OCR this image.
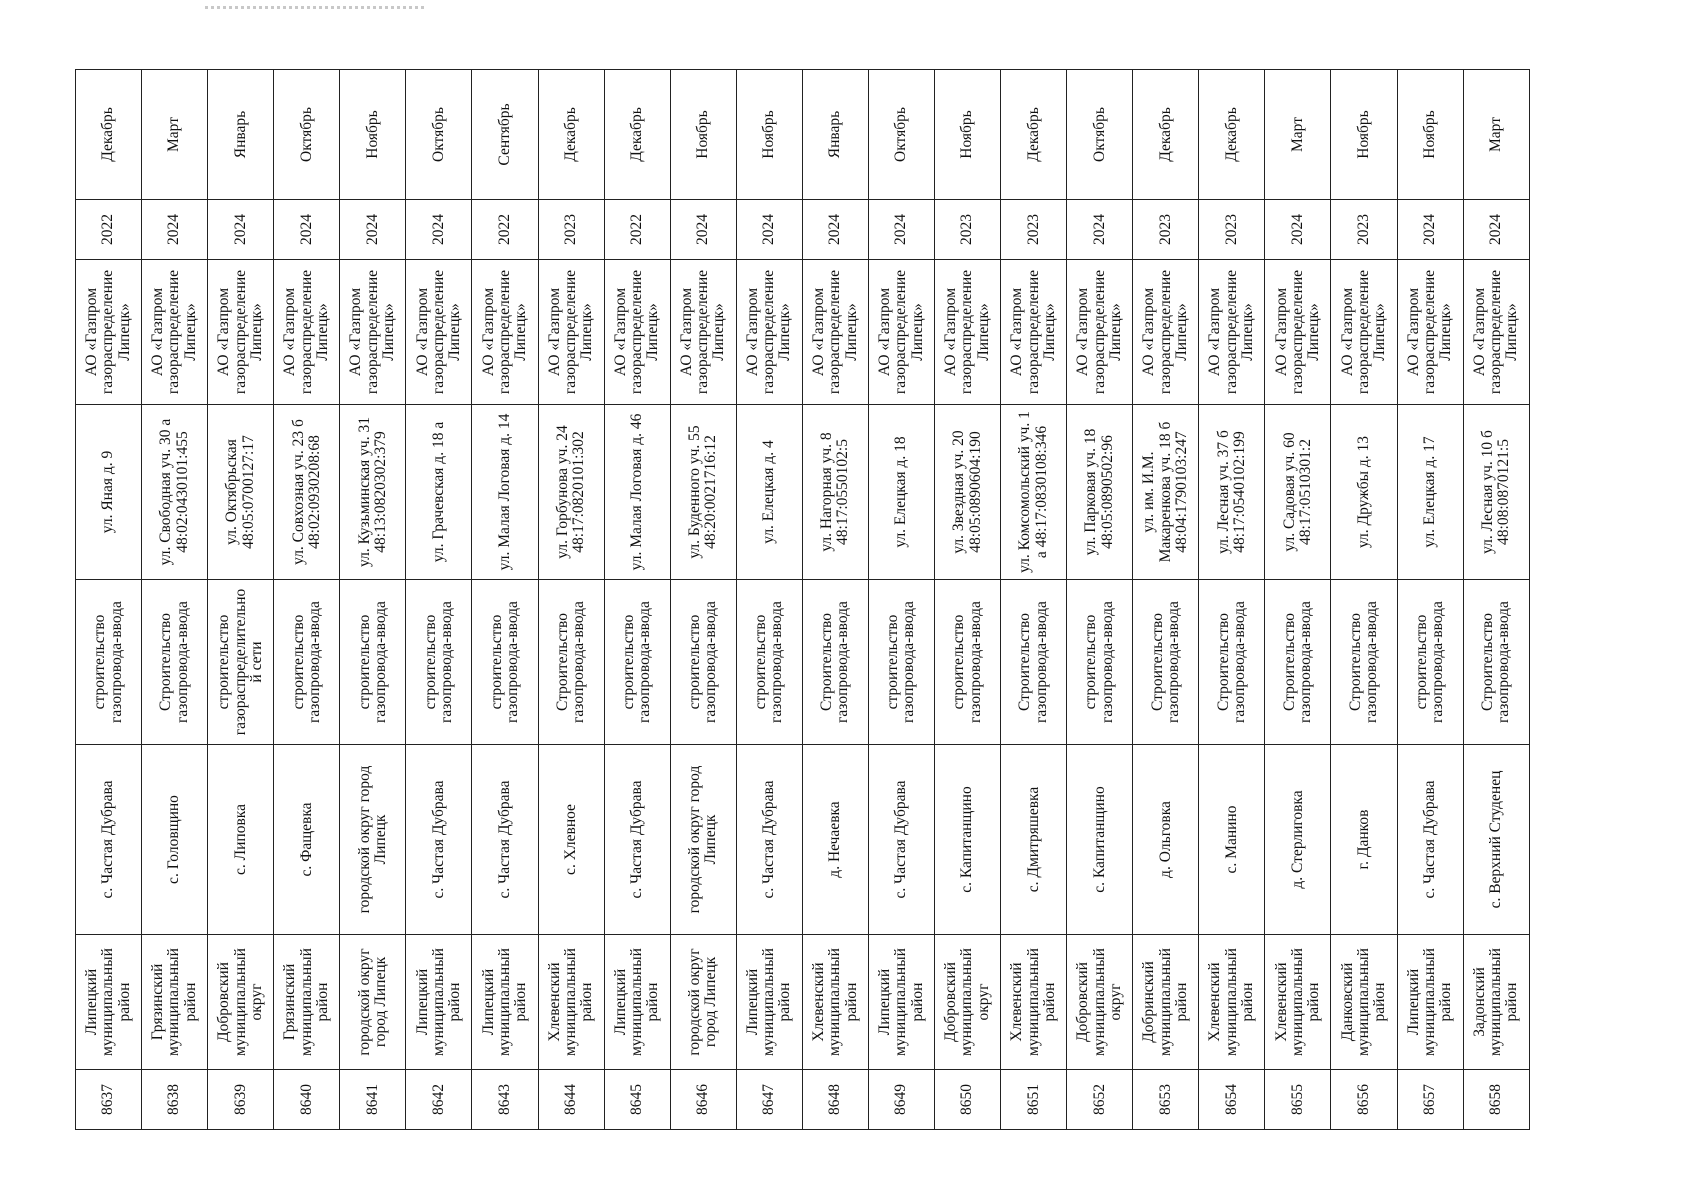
8637	Липецкий муниципальный район	с. Частая Дубрава	строительство газопровода-ввода	ул. Яная д. 9	АО «Газпром газораспределение Липецк»	2022	Декабрь
8638	Грязинский муниципальный район	с. Головщино	Строительство газопровода-ввода	ул. Свободная уч. 30 а 48:02:0430101:455	АО «Газпром газораспределение Липецк»	2024	Март
8639	Добровский муниципальный округ	с. Липовка	строительство газораспределительной сети	ул. Октябрьская 48:05:0700127:17	АО «Газпром газораспределение Липецк»	2024	Январь
8640	Грязинский муниципальный район	с. Фащевка	строительство газопровода-ввода	ул. Совхозная уч. 23 б 48:02:0930208:68	АО «Газпром газораспределение Липецк»	2024	Октябрь
8641	городской округ город Липецк	городской округ город Липецк	строительство газопровода-ввода	ул. Кузьминская уч. 31 48:13:0820302:379	АО «Газпром газораспределение Липецк»	2024	Ноябрь
8642	Липецкий муниципальный район	с. Частая Дубрава	строительство газопровода-ввода	ул. Грачевская д. 18 а	АО «Газпром газораспределение Липецк»	2024	Октябрь
8643	Липецкий муниципальный район	с. Частая Дубрава	строительство газопровода-ввода	ул. Малая Логовая д. 14	АО «Газпром газораспределение Липецк»	2022	Сентябрь
8644	Хлевенский муниципальный район	с. Хлевное	Строительство газопровода-ввода	ул. Горбунова уч. 24 48:17:0820101:302	АО «Газпром газораспределение Липецк»	2023	Декабрь
8645	Липецкий муниципальный район	с. Частая Дубрава	строительство газопровода-ввода	ул. Малая Логовая д. 46	АО «Газпром газораспределение Липецк»	2022	Декабрь
8646	городской округ город Липецк	городской округ город Липецк	строительство газопровода-ввода	ул. Буденного уч. 55 48:20:0021716:12	АО «Газпром газораспределение Липецк»	2024	Ноябрь
8647	Липецкий муниципальный район	с. Частая Дубрава	строительство газопровода-ввода	ул. Елецкая д. 4	АО «Газпром газораспределение Липецк»	2024	Ноябрь
8648	Хлевенский муниципальный район	д. Нечаевка	Строительство газопровода-ввода	ул. Нагорная уч. 8 48:17:0550102:5	АО «Газпром газораспределение Липецк»	2024	Январь
8649	Липецкий муниципальный район	с. Частая Дубрава	строительство газопровода-ввода	ул. Елецкая д. 18	АО «Газпром газораспределение Липецк»	2024	Октябрь
8650	Добровский муниципальный округ	с. Капитанщино	строительство газопровода-ввода	ул. Звездная уч. 20 48:05:0890604:190	АО «Газпром газораспределение Липецк»	2023	Ноябрь
8651	Хлевенский муниципальный район	с. Дмитряшевка	Строительство газопровода-ввода	ул. Комсомольский уч. 1 а 48:17:0830108:346	АО «Газпром газораспределение Липецк»	2023	Декабрь
8652	Добровский муниципальный округ	с. Капитанщино	строительство газопровода-ввода	ул. Парковая уч. 18 48:05:0890502:96	АО «Газпром газораспределение Липецк»	2024	Октябрь
8653	Добринский муниципальный район	д. Ольговка	Строительство газопровода-ввода	ул. им. И.М. Макаренкова уч. 18 б 48:04:1790103:247	АО «Газпром газораспределение Липецк»	2023	Декабрь
8654	Хлевенский муниципальный район	с. Манино	Строительство газопровода-ввода	ул. Лесная уч. 37 б 48:17:0540102:199	АО «Газпром газораспределение Липецк»	2023	Декабрь
8655	Хлевенский муниципальный район	д. Стерлиговка	Строительство газопровода-ввода	ул. Садовая уч. 60 48:17:0510301:2	АО «Газпром газораспределение Липецк»	2024	Март
8656	Данковский муниципальный район	г. Данков	Строительство газопровода-ввода	ул. Дружбы д. 13	АО «Газпром газораспределение Липецк»	2023	Ноябрь
8657	Липецкий муниципальный район	с. Частая Дубрава	строительство газопровода-ввода	ул. Елецкая д. 17	АО «Газпром газораспределение Липецк»	2024	Ноябрь
8658	Задонский муниципальный район	с. Верхний Студенец	Строительство газопровода-ввода	ул. Лесная уч. 10 б 48:08:0870121:5	АО «Газпром газораспределение Липецк»	2024	Март
